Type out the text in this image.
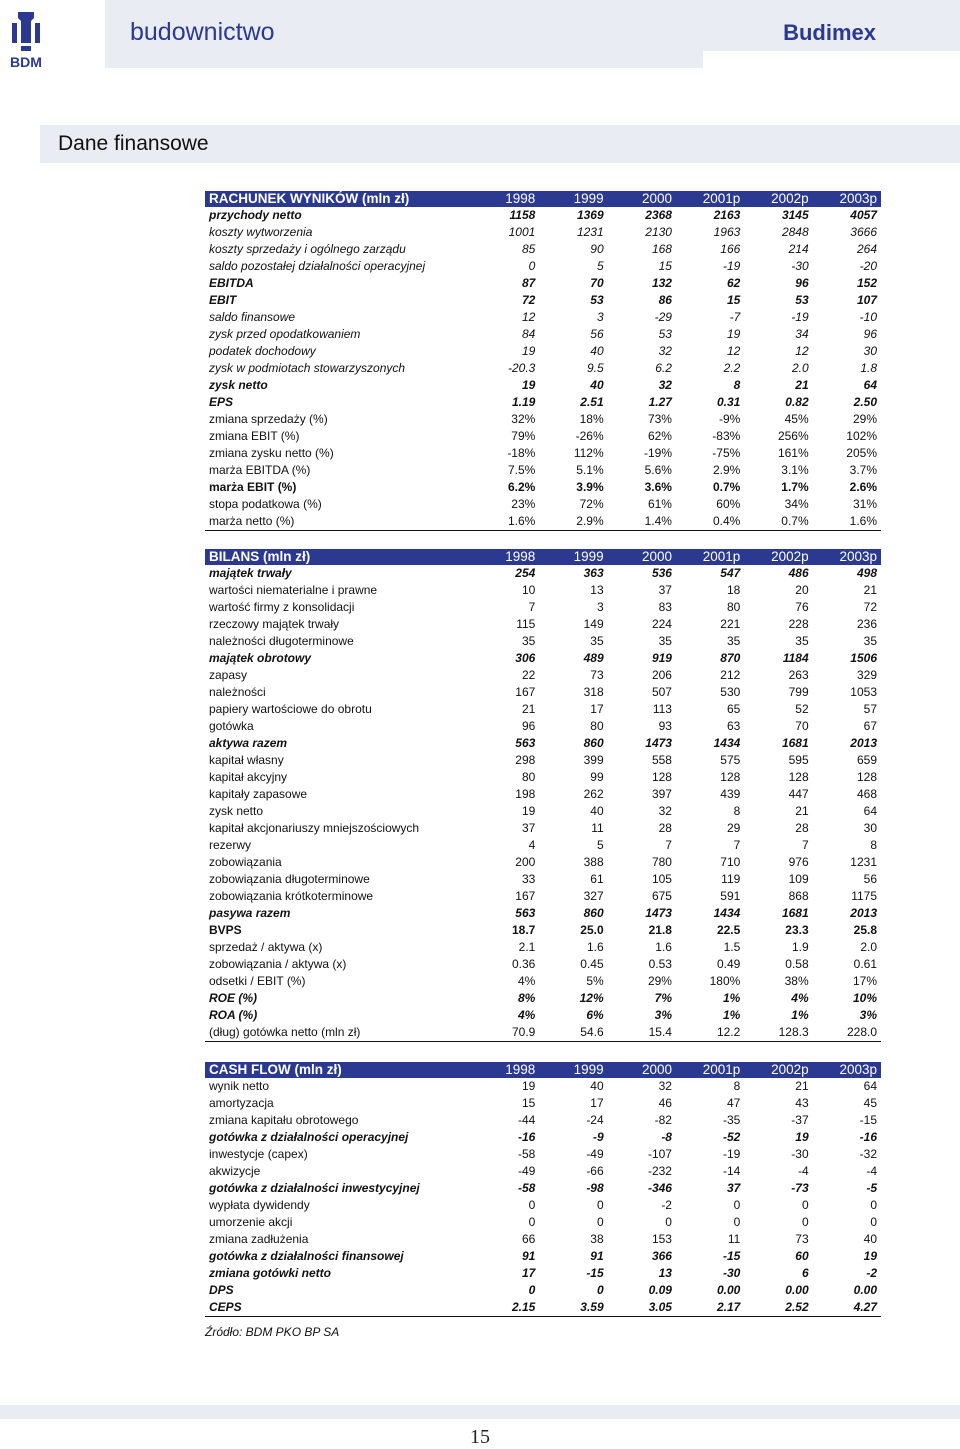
BDM
budownictwo	Budimex
Dane finansowe
RACHUNEK WYNIKÓW (mln zł)	1998	1999	2000	2001p	2002p	2003p
przychody netto	1158	1369	2368	2163	3145	4057
koszty wytworzenia	1001	1231	2130	1963	2848	3666
koszty sprzedaży i ogólnego zarządu	85	90	168	166	214	264
saldo pozostałej działalności operacyjnej	0	5	15	-19	-30	-20
EBITDA	87	70	132	62	96	152
EBIT	72	53	86	15	53	107
saldo finansowe	12	3	-29	-7	-19	-10
zysk przed opodatkowaniem	84	56	53	19	34	96
podatek dochodowy	19	40	32	12	12	30
zysk w podmiotach stowarzyszonych	-20.3	9.5	6.2	2.2	2.0	1.8
zysk netto	19	40	32	8	21	64
EPS	1.19	2.51	1.27	0.31	0.82	2.50
zmiana sprzedaży (%)	32%	18%	73%	-9%	45%	29%
zmiana EBIT (%)	79%	-26%	62%	-83%	256%	102%
zmiana zysku netto (%)	-18%	112%	-19%	-75%	161%	205%
marża EBITDA (%)	7.5%	5.1%	5.6%	2.9%	3.1%	3.7%
marża EBIT (%)	6.2%	3.9%	3.6%	0.7%	1.7%	2.6%
stopa podatkowa (%)	23%	72%	61%	60%	34%	31%
marża netto (%)	1.6%	2.9%	1.4%	0.4%	0.7%	1.6%
BILANS (mln zł)	1998	1999	2000	2001p	2002p	2003p
majątek trwały	254	363	536	547	486	498
wartości niematerialne i prawne	10	13	37	18	20	21
wartość firmy z konsolidacji	7	3	83	80	76	72
rzeczowy majątek trwały	115	149	224	221	228	236
należności długoterminowe	35	35	35	35	35	35
majątek obrotowy	306	489	919	870	1184	1506
zapasy	22	73	206	212	263	329
należności	167	318	507	530	799	1053
papiery wartościowe do obrotu	21	17	113	65	52	57
gotówka	96	80	93	63	70	67
aktywa razem	563	860	1473	1434	1681	2013
kapitał własny	298	399	558	575	595	659
kapitał akcyjny	80	99	128	128	128	128
kapitały zapasowe	198	262	397	439	447	468
zysk netto	19	40	32	8	21	64
kapitał akcjonariuszy mniejszościowych	37	11	28	29	28	30
rezerwy	4	5	7	7	7	8
zobowiązania	200	388	780	710	976	1231
zobowiązania długoterminowe	33	61	105	119	109	56
zobowiązania krótkoterminowe	167	327	675	591	868	1175
pasywa razem	563	860	1473	1434	1681	2013
BVPS	18.7	25.0	21.8	22.5	23.3	25.8
sprzedaż / aktywa (x)	2.1	1.6	1.6	1.5	1.9	2.0
zobowiązania / aktywa (x)	0.36	0.45	0.53	0.49	0.58	0.61
odsetki / EBIT (%)	4%	5%	29%	180%	38%	17%
ROE (%)	8%	12%	7%	1%	4%	10%
ROA (%)	4%	6%	3%	1%	1%	3%
(dług) gotówka netto (mln zł)	70.9	54.6	15.4	12.2	128.3	228.0
CASH FLOW (mln zł)	1998	1999	2000	2001p	2002p	2003p
wynik netto	19	40	32	8	21	64
amortyzacja	15	17	46	47	43	45
zmiana kapitału obrotowego	-44	-24	-82	-35	-37	-15
gotówka z działalności operacyjnej	-16	-9	-8	-52	19	-16
inwestycje (capex)	-58	-49	-107	-19	-30	-32
akwizycje	-49	-66	-232	-14	-4	-4
gotówka z działalności inwestycyjnej	-58	-98	-346	37	-73	-5
wypłata dywidendy	0	0	-2	0	0	0
umorzenie akcji	0	0	0	0	0	0
zmiana zadłużenia	66	38	153	11	73	40
gotówka z działalności finansowej	91	91	366	-15	60	19
zmiana gotówki netto	17	-15	13	-30	6	-2
DPS	0	0	0.09	0.00	0.00	0.00
CEPS	2.15	3.59	3.05	2.17	2.52	4.27
Źródło: BDM PKO BP SA
15
